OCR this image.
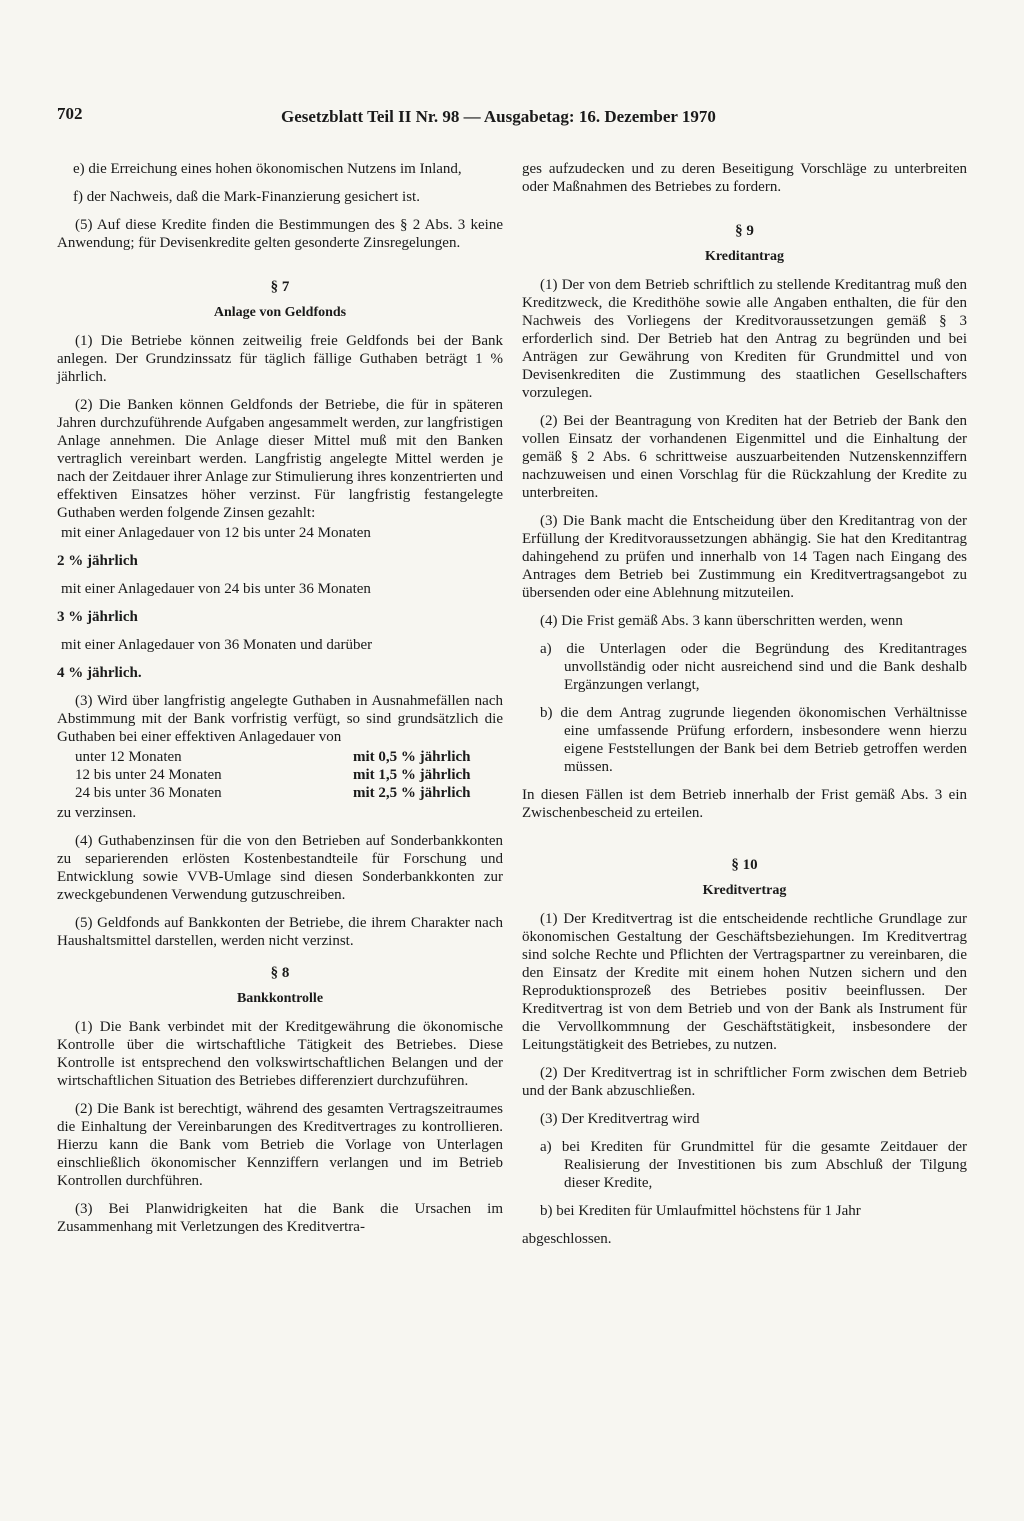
702	Gesetzblatt Teil II Nr. 98 — Ausgabetag: 16. Dezember 1970

e) die Erreichung eines hohen ökonomischen Nutzens im Inland,

f) der Nachweis, daß die Mark-Finanzierung gesichert ist.

(5) Auf diese Kredite finden die Bestimmungen des § 2 Abs. 3 keine Anwendung; für Devisenkredite gelten gesonderte Zinsregelungen.

§ 7
Anlage von Geldfonds

(1) Die Betriebe können zeitweilig freie Geldfonds bei der Bank anlegen. Der Grundzinssatz für täglich fällige Guthaben beträgt 1 % jährlich.

(2) Die Banken können Geldfonds der Betriebe, die für in späteren Jahren durchzuführende Aufgaben angesammelt werden, zur langfristigen Anlage annehmen. Die Anlage dieser Mittel muß mit den Banken vertraglich vereinbart werden. Langfristig angelegte Mittel werden je nach der Zeitdauer ihrer Anlage zur Stimulierung ihres konzentrierten und effektiven Einsatzes höher verzinst. Für langfristig festangelegte Guthaben werden folgende Zinsen gezahlt:

mit einer Anlagedauer von 12 bis unter 24 Monaten

2 % jährlich

mit einer Anlagedauer von 24 bis unter 36 Monaten

3 % jährlich

mit einer Anlagedauer von 36 Monaten und darüber

4 % jährlich.

(3) Wird über langfristig angelegte Guthaben in Ausnahmefällen nach Abstimmung mit der Bank vorfristig verfügt, so sind grundsätzlich die Guthaben bei einer effektiven Anlagedauer von

unter 12 Monaten	mit 0,5 % jährlich
12 bis unter 24 Monaten	mit 1,5 % jährlich
24 bis unter 36 Monaten	mit 2,5 % jährlich

zu verzinsen.

(4) Guthabenzinsen für die von den Betrieben auf Sonderbankkonten zu separierenden erlösten Kostenbestandteile für Forschung und Entwicklung sowie VVB-Umlage sind diesen Sonderbankkonten zur zweckgebundenen Verwendung gutzuschreiben.

(5) Geldfonds auf Bankkonten der Betriebe, die ihrem Charakter nach Haushaltsmittel darstellen, werden nicht verzinst.

§ 8
Bankkontrolle

(1) Die Bank verbindet mit der Kreditgewährung die ökonomische Kontrolle über die wirtschaftliche Tätigkeit des Betriebes. Diese Kontrolle ist entsprechend den volkswirtschaftlichen Belangen und der wirtschaftlichen Situation des Betriebes differenziert durchzuführen.

(2) Die Bank ist berechtigt, während des gesamten Vertragszeitraumes die Einhaltung der Vereinbarungen des Kreditvertrages zu kontrollieren. Hierzu kann die Bank vom Betrieb die Vorlage von Unterlagen einschließlich ökonomischer Kennziffern verlangen und im Betrieb Kontrollen durchführen.

(3) Bei Planwidrigkeiten hat die Bank die Ursachen im Zusammenhang mit Verletzungen des Kreditvertra-

ges aufzudecken und zu deren Beseitigung Vorschläge zu unterbreiten oder Maßnahmen des Betriebes zu fordern.

§ 9
Kreditantrag

(1) Der von dem Betrieb schriftlich zu stellende Kreditantrag muß den Kreditzweck, die Kredithöhe sowie alle Angaben enthalten, die für den Nachweis des Vorliegens der Kreditvoraussetzungen gemäß § 3 erforderlich sind. Der Betrieb hat den Antrag zu begründen und bei Anträgen zur Gewährung von Krediten für Grundmittel und von Devisenkrediten die Zustimmung des staatlichen Gesellschafters vorzulegen.

(2) Bei der Beantragung von Krediten hat der Betrieb der Bank den vollen Einsatz der vorhandenen Eigenmittel und die Einhaltung der gemäß § 2 Abs. 6 schrittweise auszuarbeitenden Nutzenskennziffern nachzuweisen und einen Vorschlag für die Rückzahlung der Kredite zu unterbreiten.

(3) Die Bank macht die Entscheidung über den Kreditantrag von der Erfüllung der Kreditvoraussetzungen abhängig. Sie hat den Kreditantrag dahingehend zu prüfen und innerhalb von 14 Tagen nach Eingang des Antrages dem Betrieb bei Zustimmung ein Kreditvertragsangebot zu übersenden oder eine Ablehnung mitzuteilen.

(4) Die Frist gemäß Abs. 3 kann überschritten werden, wenn

a) die Unterlagen oder die Begründung des Kreditantrages unvollständig oder nicht ausreichend sind und die Bank deshalb Ergänzungen verlangt,

b) die dem Antrag zugrunde liegenden ökonomischen Verhältnisse eine umfassende Prüfung erfordern, insbesondere wenn hierzu eigene Feststellungen der Bank bei dem Betrieb getroffen werden müssen.

In diesen Fällen ist dem Betrieb innerhalb der Frist gemäß Abs. 3 ein Zwischenbescheid zu erteilen.

§ 10
Kreditvertrag

(1) Der Kreditvertrag ist die entscheidende rechtliche Grundlage zur ökonomischen Gestaltung der Geschäftsbeziehungen. Im Kreditvertrag sind solche Rechte und Pflichten der Vertragspartner zu vereinbaren, die den Einsatz der Kredite mit einem hohen Nutzen sichern und den Reproduktionsprozeß des Betriebes positiv beeinflussen. Der Kreditvertrag ist von dem Betrieb und von der Bank als Instrument für die Vervollkommnung der Geschäftstätigkeit, insbesondere der Leitungstätigkeit des Betriebes, zu nutzen.

(2) Der Kreditvertrag ist in schriftlicher Form zwischen dem Betrieb und der Bank abzuschließen.

(3) Der Kreditvertrag wird

a) bei Krediten für Grundmittel für die gesamte Zeitdauer der Realisierung der Investitionen bis zum Abschluß der Tilgung dieser Kredite,

b) bei Krediten für Umlaufmittel höchstens für 1 Jahr

abgeschlossen.
